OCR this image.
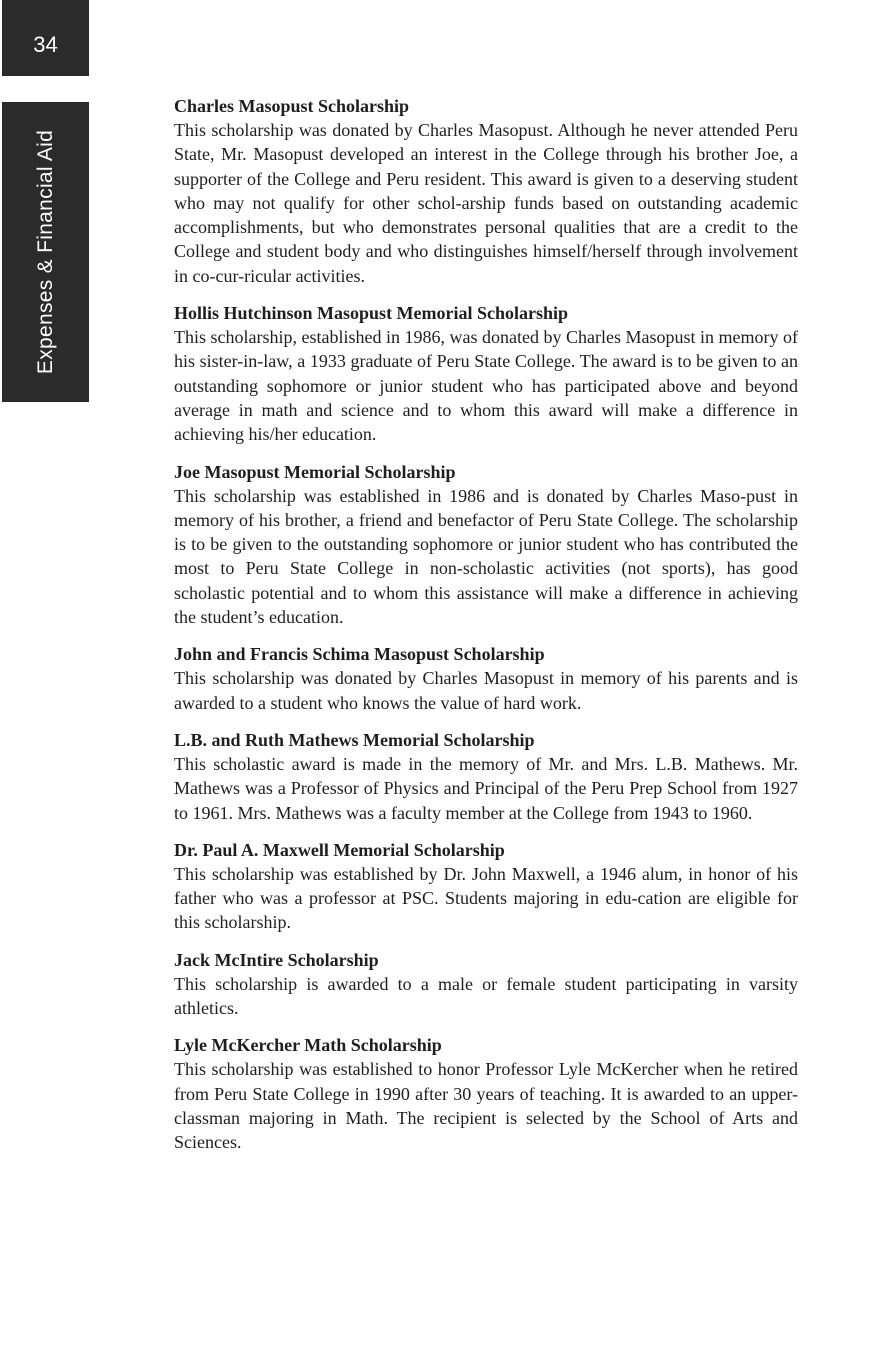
34
Expenses & Financial Aid

Charles Masopust Scholarship

This scholarship was donated by Charles Masopust. Although he never attended Peru State, Mr. Masopust developed an interest in the College through his brother Joe, a supporter of the College and Peru resident. This award is given to a deserving student who may not qualify for other schol-arship funds based on outstanding academic accomplishments, but who demonstrates personal qualities that are a credit to the College and student body and who distinguishes himself/herself through involvement in co-cur-ricular activities.

Hollis Hutchinson Masopust Memorial Scholarship

This scholarship, established in 1986, was donated by Charles Masopust in memory of his sister-in-law, a 1933 graduate of Peru State College. The award is to be given to an outstanding sophomore or junior student who has participated above and beyond average in math and science and to whom this award will make a difference in achieving his/her education.

Joe Masopust Memorial Scholarship

This scholarship was established in 1986 and is donated by Charles Maso-pust in memory of his brother, a friend and benefactor of Peru State College. The scholarship is to be given to the outstanding sophomore or junior student who has contributed the most to Peru State College in non-scholastic activities (not sports), has good scholastic potential and to whom this assistance will make a difference in achieving the student’s education.

John and Francis Schima Masopust Scholarship

This scholarship was donated by Charles Masopust in memory of his parents and is awarded to a student who knows the value of hard work.

L.B. and Ruth Mathews Memorial Scholarship

This scholastic award is made in the memory of Mr. and Mrs. L.B. Mathews. Mr. Mathews was a Professor of Physics and Principal of the Peru Prep School from 1927 to 1961. Mrs. Mathews was a faculty member at the College from 1943 to 1960.

Dr. Paul A. Maxwell Memorial Scholarship

This scholarship was established by Dr. John Maxwell, a 1946 alum, in honor of his father who was a professor at PSC. Students majoring in edu-cation are eligible for this scholarship.

Jack McIntire Scholarship

This scholarship is awarded to a male or female student participating in varsity athletics.

Lyle McKercher Math Scholarship

This scholarship was established to honor Professor Lyle McKercher when he retired from Peru State College in 1990 after 30 years of teaching. It is awarded to an upper-classman majoring in Math. The recipient is selected by the School of Arts and Sciences.
